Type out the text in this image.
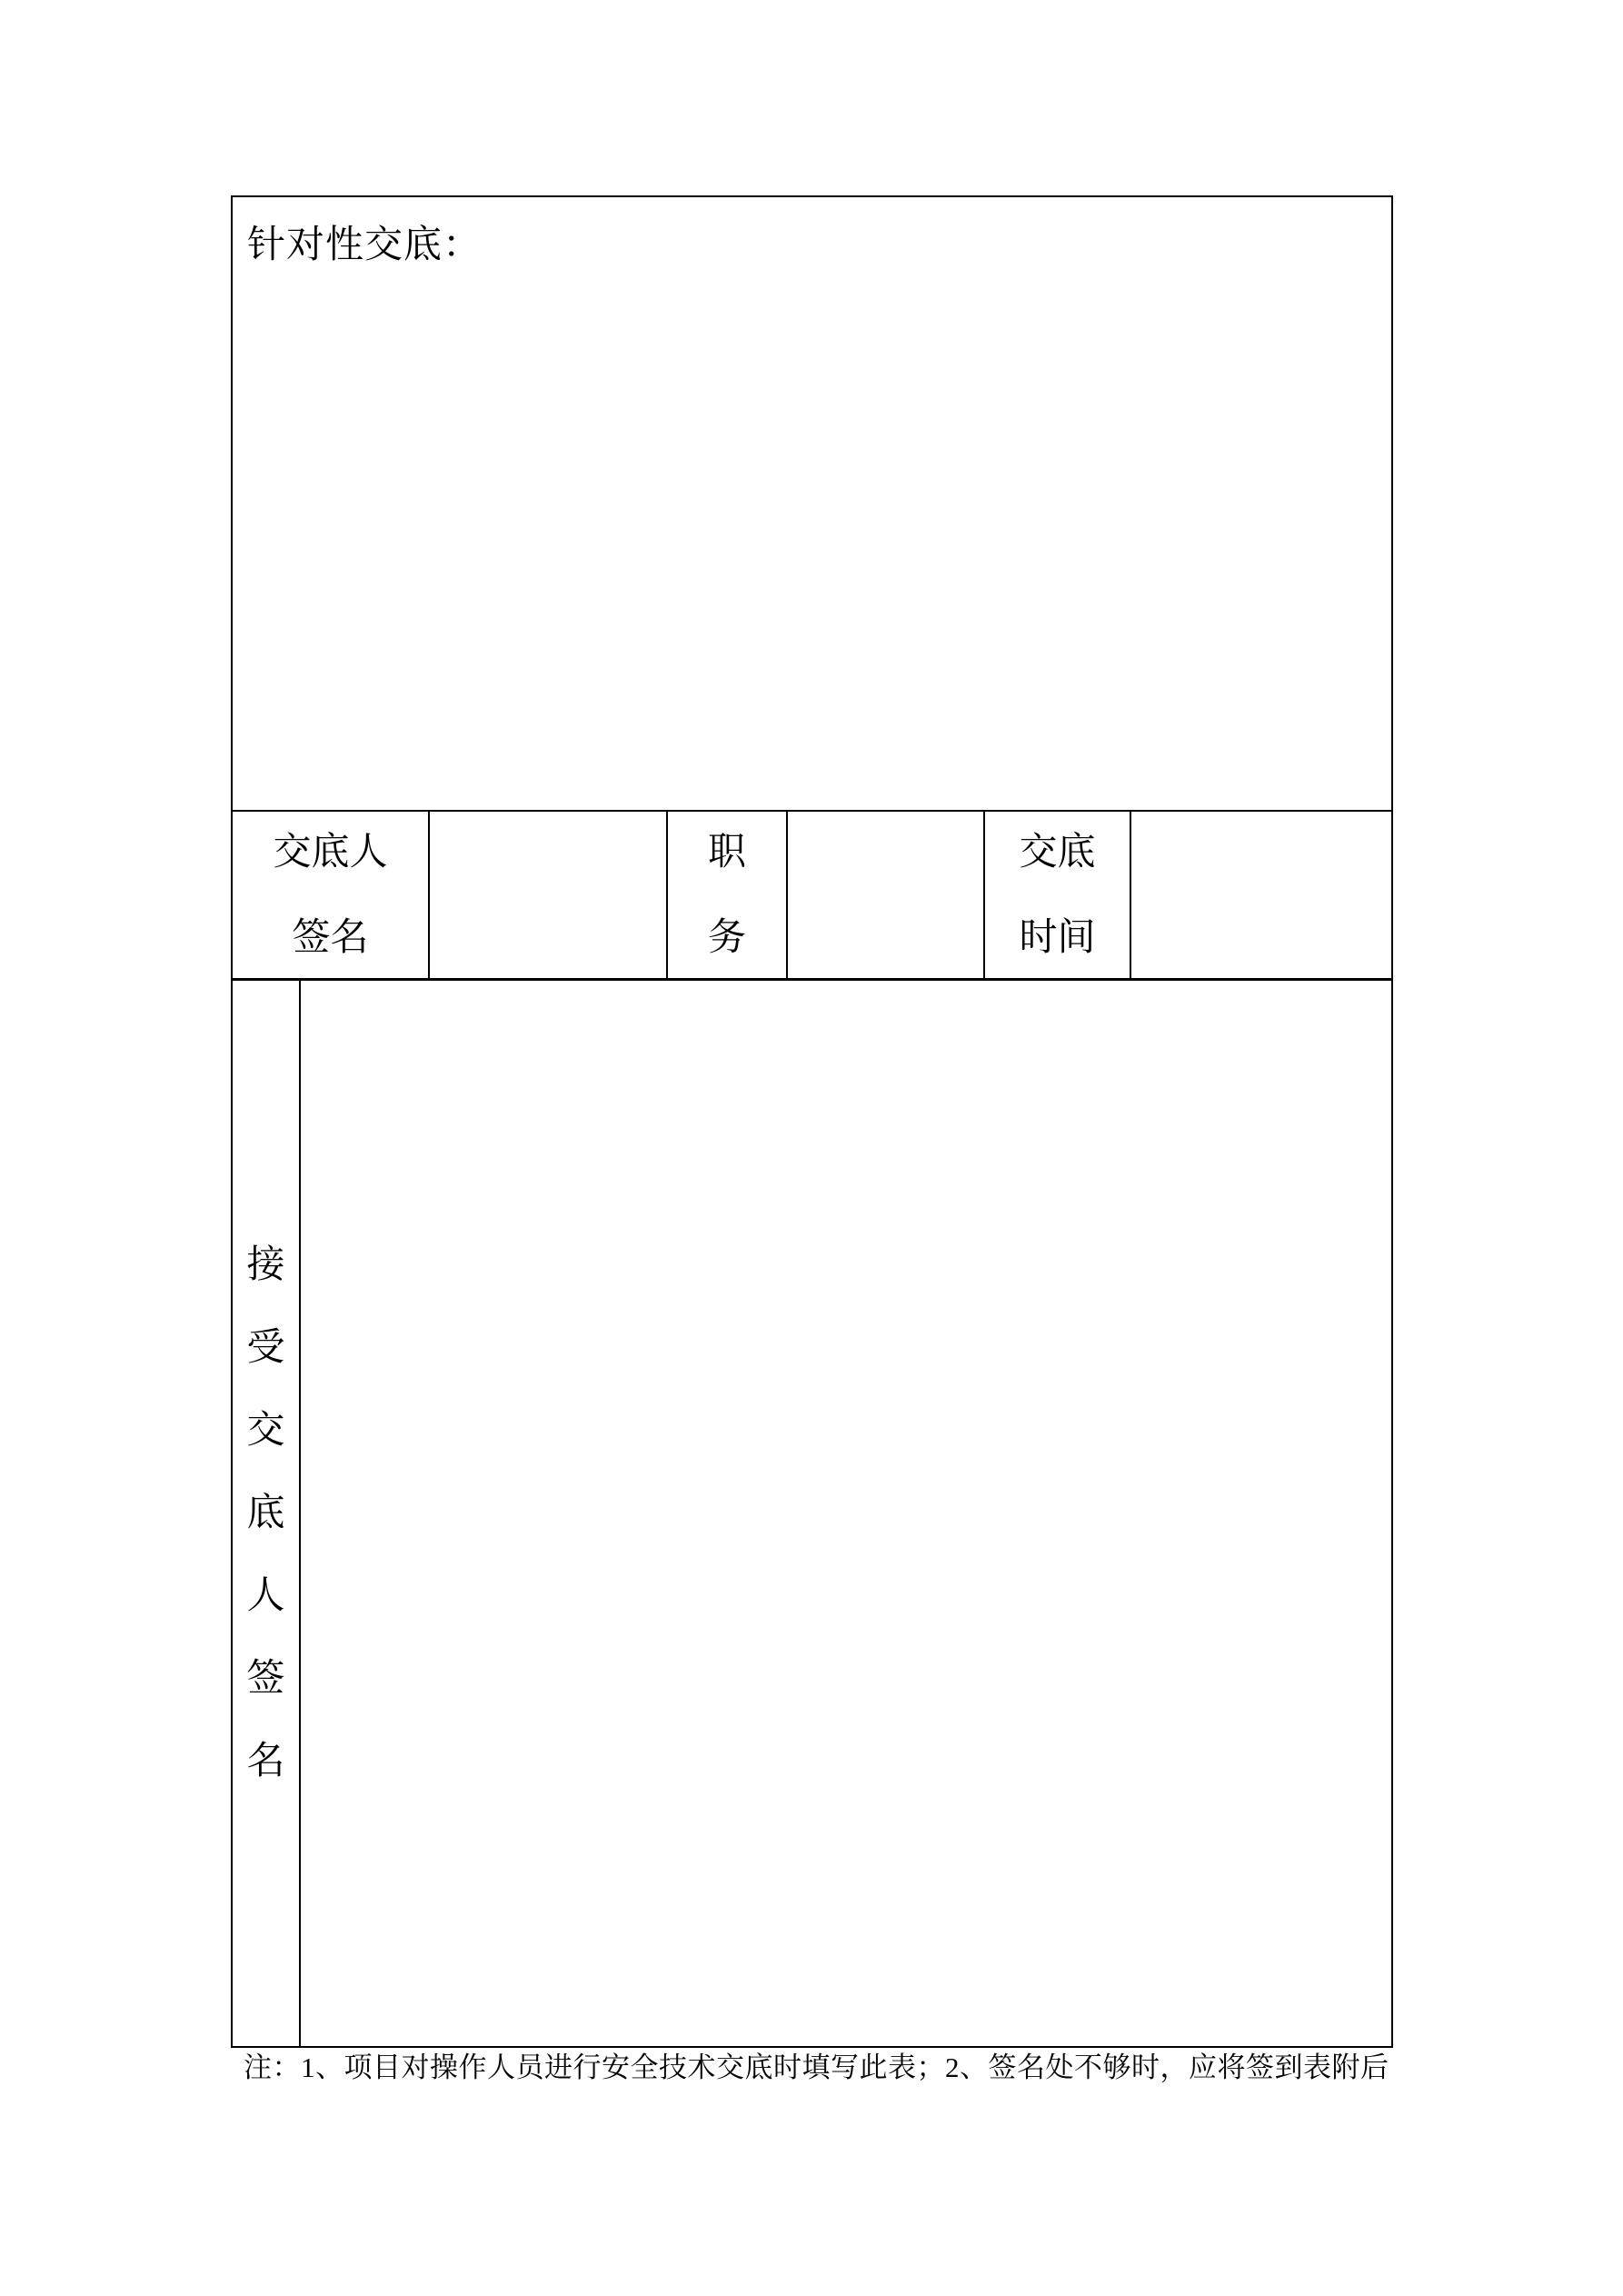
针对性交底：
交底人
签名
职
务
交底
时间
接
受
交
底
人
签
名
注：1、项目对操作人员进行安全技术交底时填写此表；2、签名处不够时，应将签到表附后
